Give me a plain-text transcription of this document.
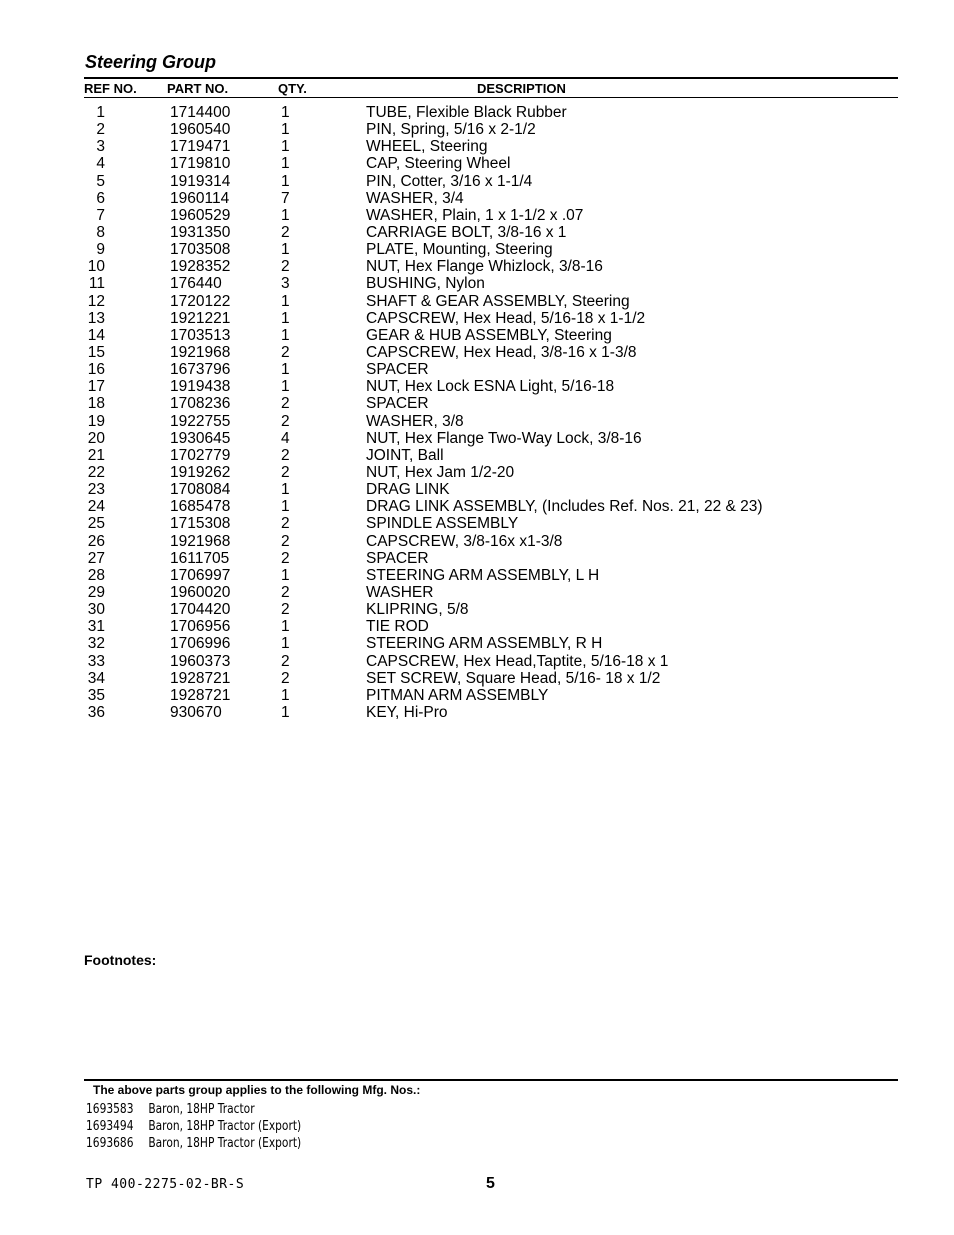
Steering Group
REF NO. PART NO.	QTY.	DESCRIPTION
1	1714400	1	TUBE, Flexible Black Rubber
2	1960540	1	PIN, Spring, 5/16 x 2-1/2
3	1719471	1	WHEEL, Steering
4	1719810	1	CAP, Steering Wheel
5	1919314	1	PIN, Cotter, 3/16 x 1-1/4
6	1960114	7	WASHER, 3/4
7	1960529	1	WASHER, Plain, 1 x 1-1/2 x .07
8	1931350	2	CARRIAGE BOLT, 3/8-16 x 1
9	1703508	1	PLATE, Mounting, Steering
10	1928352	2	NUT, Hex Flange Whizlock, 3/8-16
11	176440	3	BUSHING, Nylon
12	1720122	1	SHAFT & GEAR ASSEMBLY, Steering
13	1921221	1	CAPSCREW, Hex Head, 5/16-18 x 1-1/2
14	1703513	1	GEAR & HUB ASSEMBLY, Steering
15	1921968	2	CAPSCREW, Hex Head, 3/8-16 x 1-3/8
16	1673796	1	SPACER
17	1919438	1	NUT, Hex Lock ESNA Light, 5/16-18
18	1708236	2	SPACER
19	1922755	2	WASHER, 3/8
20	1930645	4	NUT, Hex Flange Two-Way Lock, 3/8-16
21	1702779	2	JOINT, Ball
22	1919262	2	NUT, Hex Jam 1/2-20
23	1708084	1	DRAG LINK
24	1685478	1	DRAG LINK ASSEMBLY, (Includes Ref. Nos. 21, 22 & 23)
25	1715308	2	SPINDLE ASSEMBLY
26	1921968	2	CAPSCREW, 3/8-16x x1-3/8
27	1611705	2	SPACER
28	1706997	1	STEERING ARM ASSEMBLY, L H
29	1960020	2	WASHER
30	1704420	2	KLIPRING, 5/8
31	1706956	1	TIE ROD
32	1706996	1	STEERING ARM ASSEMBLY, R H
33	1960373	2	CAPSCREW, Hex Head,Taptite, 5/16-18 x 1
34	1928721	2	SET SCREW, Square Head, 5/16- 18 x 1/2
35	1928721	1	PITMAN ARM ASSEMBLY
36	930670	1	KEY, Hi-Pro
Footnotes:
The above parts group applies to the following Mfg. Nos.:
1693583 Baron, 18HP Tractor
1693494 Baron, 18HP Tractor (Export)
1693686 Baron, 18HP Tractor (Export)
TP 400-2275-02-BR-S	5
